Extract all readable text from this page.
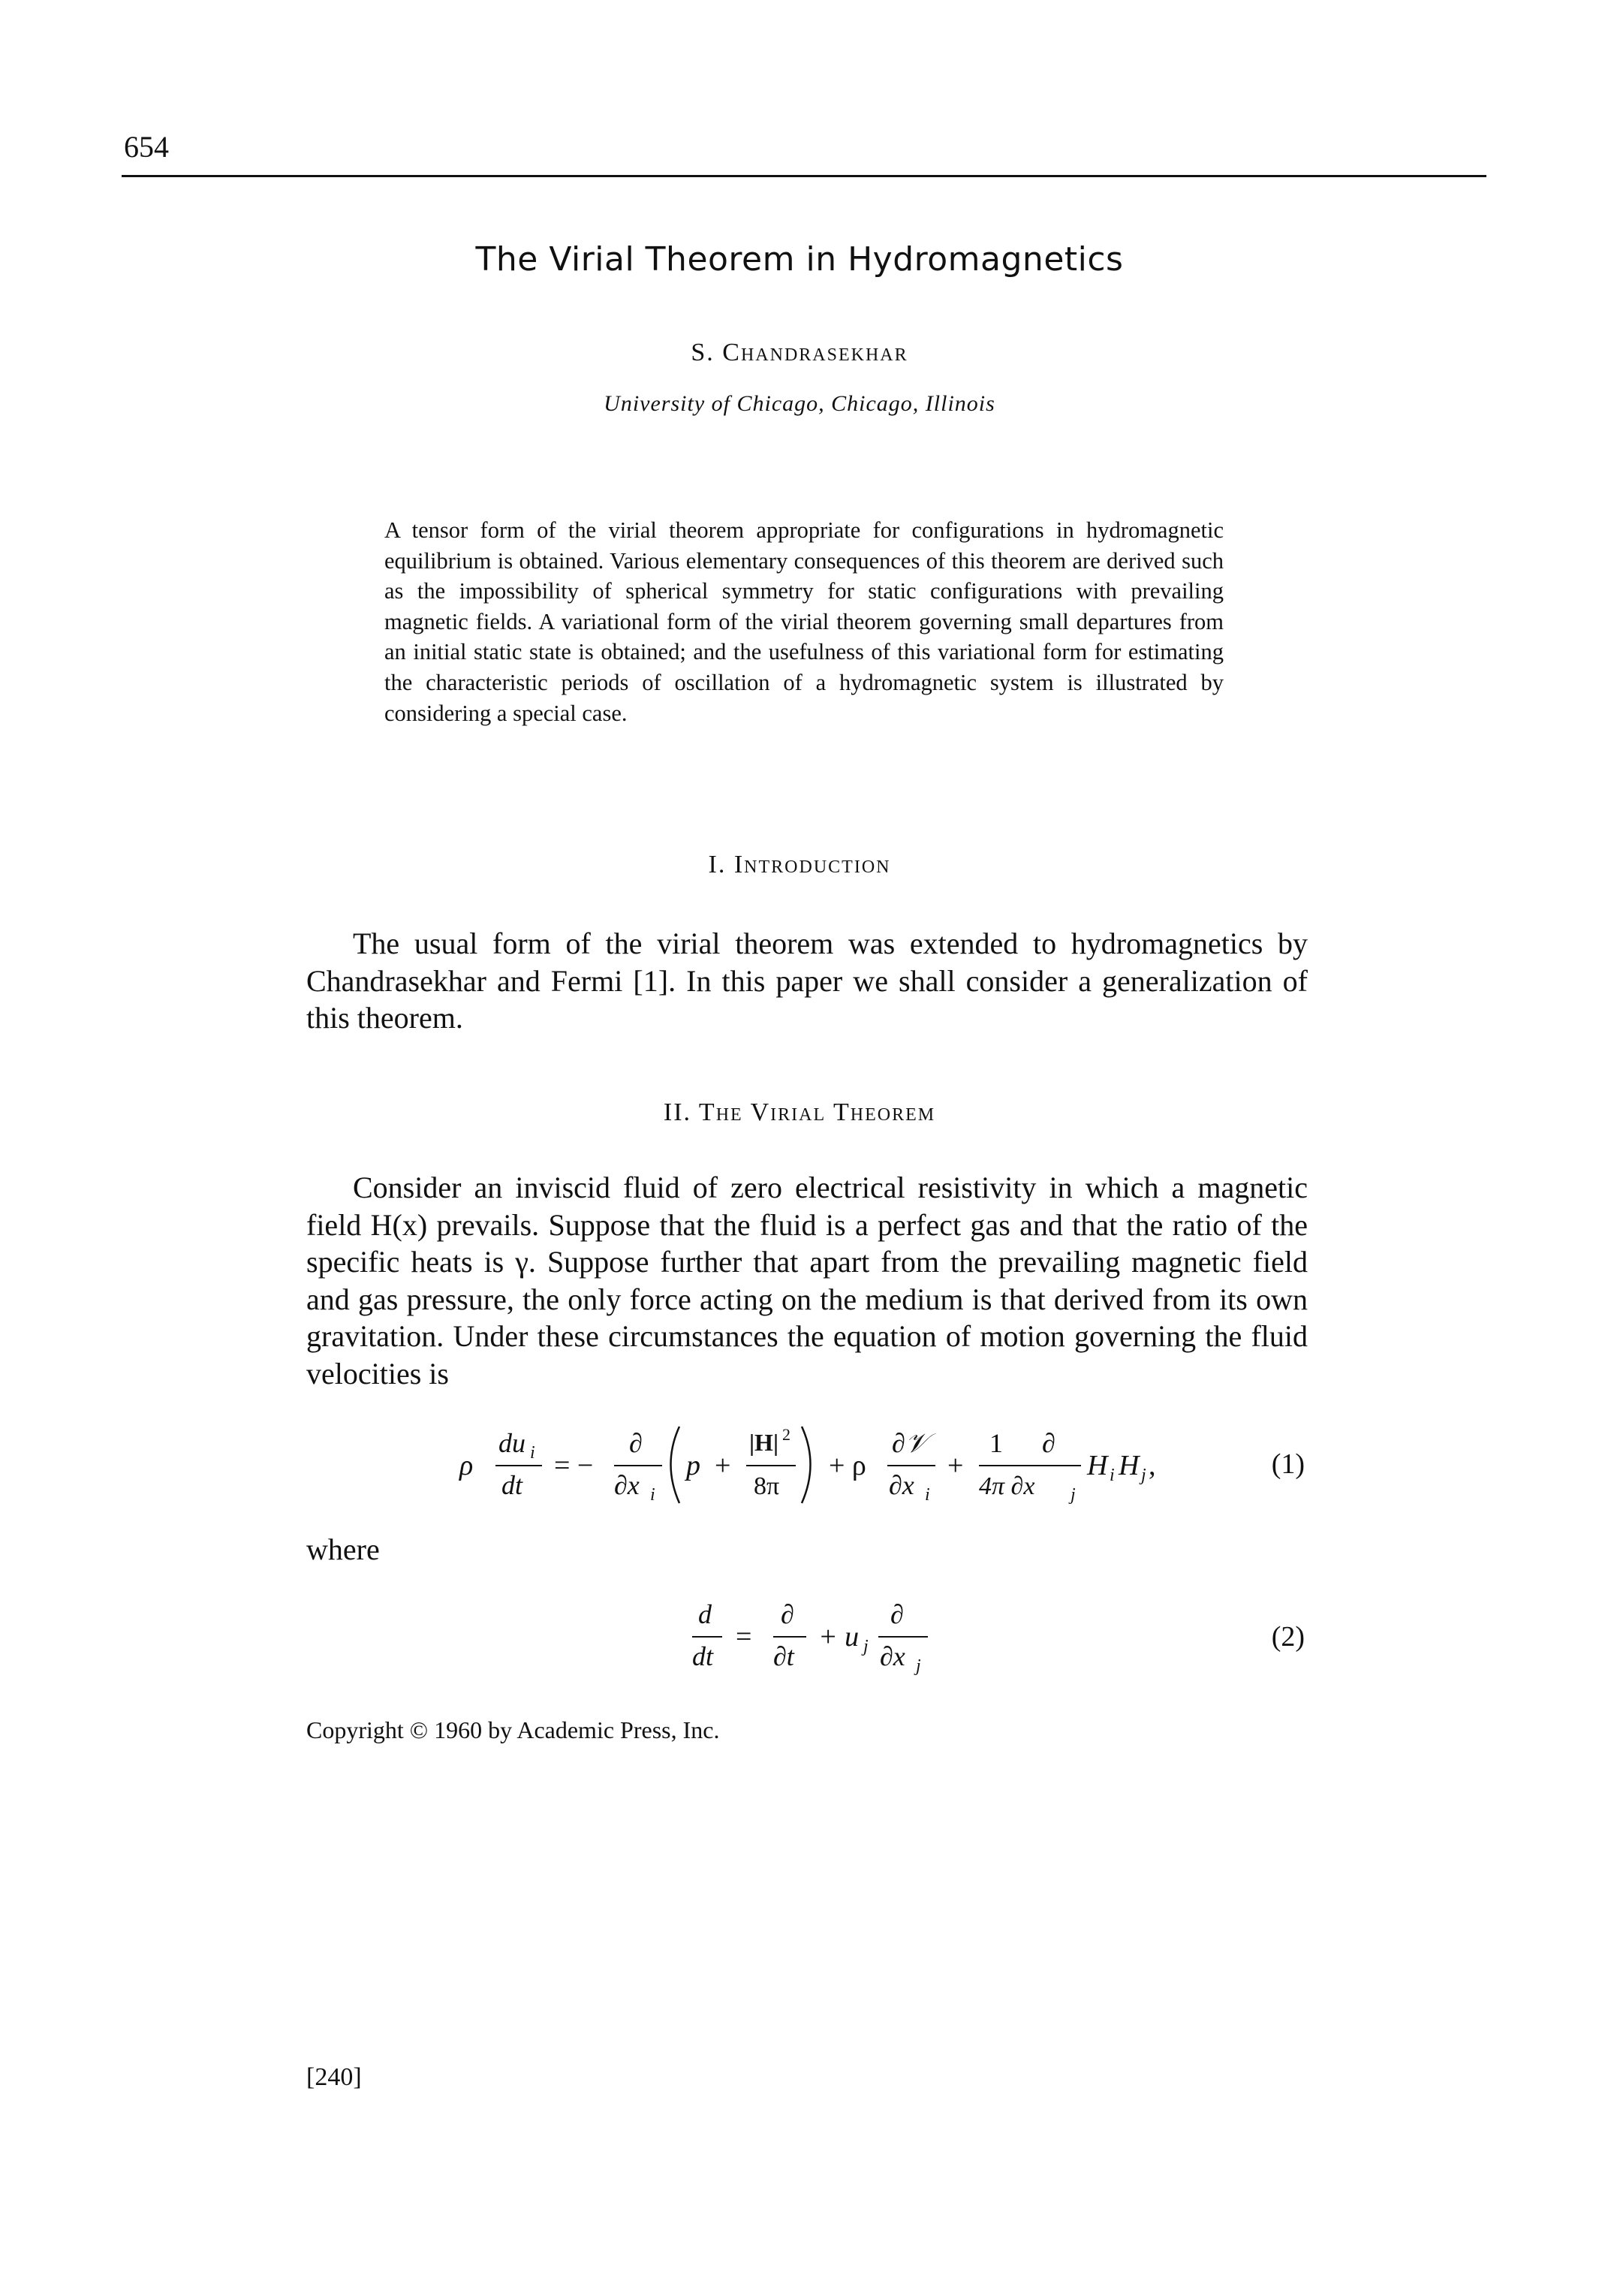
654
The Virial Theorem in Hydromagnetics
S. Chandrasekhar
University of Chicago, Chicago, Illinois

A tensor form of the virial theorem appropriate for configurations in hydromagnetic equilibrium is obtained. Various elementary consequences of this theorem are derived such as the impossibility of spherical symmetry for static configurations with prevailing magnetic fields. A variational form of the virial theorem governing small departures from an initial static state is obtained; and the usefulness of this variational form for estimating the characteristic periods of oscillation of a hydromagnetic system is illustrated by considering a special case.

I. Introduction

The usual form of the virial theorem was extended to hydromagnetics by Chandrasekhar and Fermi [1]. In this paper we shall consider a generalization of this theorem.

II. The Virial Theorem

Consider an inviscid fluid of zero electrical resistivity in which a magnetic field H(x) prevails. Suppose that the fluid is a perfect gas and that the ratio of the specific heats is γ. Suppose further that apart from the prevailing magnetic field and gas pressure, the only force acting on the medium is that derived from its own gravitation. Under these circumstances the equation of motion governing the fluid velocities is

ρ
du i
dt
= −
∂
∂x i
p +
|H| 2
8π
+ ρ
∂𝒱
∂x i
+
1 ∂
4π ∂x j
H i H j ,	(1)
where
d
dt
=
∂
∂t
+ u j
∂
∂x j
(2)
Copyright © 1960 by Academic Press, Inc.
[240]
